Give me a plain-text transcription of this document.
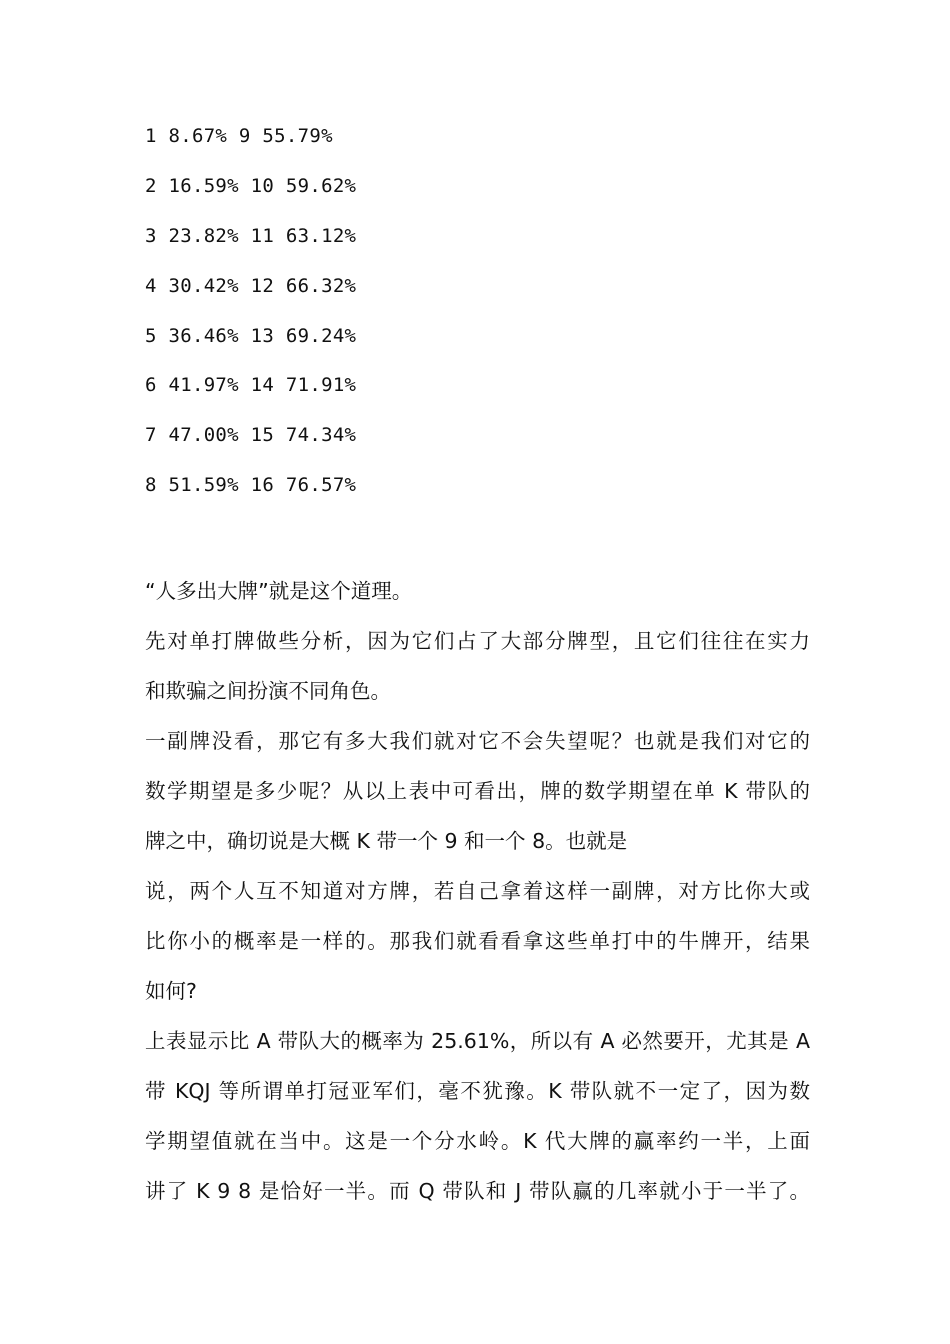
1 8.67% 9 55.79%
2 16.59% 10 59.62%
3 23.82% 11 63.12%
4 30.42% 12 66.32%
5 36.46% 13 69.24%
6 41.97% 14 71.91%
7 47.00% 15 74.34%
8 51.59% 16 76.57%
“人多出大牌”就是这个道理。
先对单打牌做些分析，因为它们占了大部分牌型，且它们往往在实力
和欺骗之间扮演不同角色。
一副牌没看，那它有多大我们就对它不会失望呢？也就是我们对它的
数学期望是多少呢？从以上表中可看出，牌的数学期望在单 K 带队的
牌之中，确切说是大概 K 带一个 9 和一个 8。也就是
说，两个人互不知道对方牌，若自己拿着这样一副牌，对方比你大或
比你小的概率是一样的。那我们就看看拿这些单打中的牛牌开，结果
如何?
上表显示比 A 带队大的概率为 25.61%，所以有 A 必然要开，尤其是 A
带 KQJ 等所谓单打冠亚军们，毫不犹豫。K 带队就不一定了，因为数
学期望值就在当中。这是一个分水岭。K 代大牌的赢率约一半，上面
讲了 K 9 8 是恰好一半。而 Q 带队和 J 带队赢的几率就小于一半了。
